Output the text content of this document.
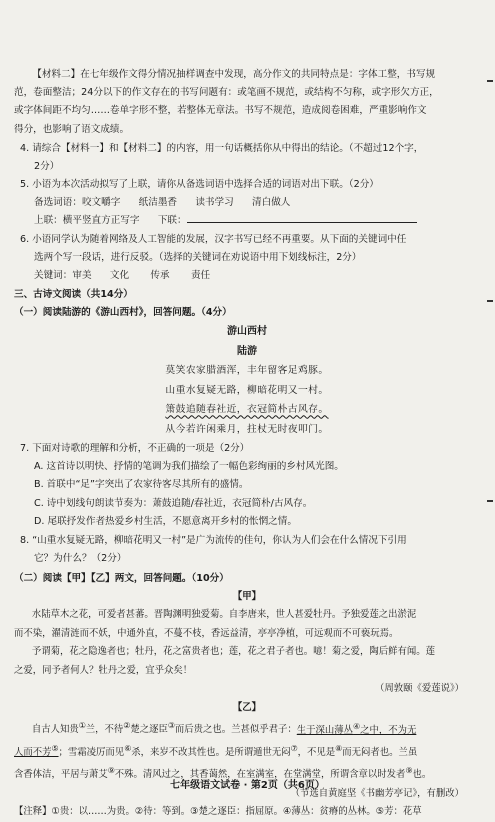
【材料二】在七年级作文得分情况抽样调查中发现，高分作文的共同特点是：字体工整，书写规

范，卷面整洁；24分以下的作文存在的书写问题有：或笔画不规范，或结构不匀称，或字形欠方正，

或字体间距不均匀……卷单字形不整，若整体无章法。书写不规范，造成阅卷困难，严重影响作文

得分，也影响了语文成绩。

4. 请综合【材料一】和【材料二】的内容，用一句话概括你从中得出的结论。（不超过12个字，

2分）

5. 小语为本次活动拟写了上联，请你从备选词语中选择合适的词语对出下联。（2分）

备选词语：咬文嚼字 纸洁墨香 读书学习 清白做人

上联：横平竖直方正写字 下联：

6. 小语同学认为随着网络及人工智能的发展，汉字书写已经不再重要。从下面的关键词中任

选两个写一段话，进行反驳。（选择的关键词在劝说语中用下划线标注，2分）

关键词：审美 文化 传承 责任

三、古诗文阅读（共14分）

（一）阅读陆游的《游山西村》，回答问题。（4分）

游山西村

陆游

莫笑农家腊酒浑，丰年留客足鸡豚。

山重水复疑无路，柳暗花明又一村。

箫鼓追随春社近，衣冠简朴古风存。

从今若许闲乘月，拄杖无时夜叩门。

7. 下面对诗歌的理解和分析，不正确的一项是（2分）

A. 这首诗以明快、抒情的笔调为我们描绘了一幅色彩绚丽的乡村风光图。

B. 首联中“足”字突出了农家待客尽其所有的盛情。

C. 诗中划线句朗读节奏为：萧鼓追随/春社近，衣冠简朴/古风存。

D. 尾联抒发作者热爱乡村生活，不愿意离开乡村的怅惘之情。

8. “山重水复疑无路，柳暗花明又一村”是广为流传的佳句，你认为人们会在什么情况下引用

它？为什么？（2分）

（二）阅读【甲】【乙】两文，回答问题。（10分）

【甲】

水陆草木之花，可爱者甚蕃。晋陶渊明独爱菊。自李唐来，世人甚爱牡丹。予独爱莲之出淤泥

而不染，濯清涟而不妖，中通外直，不蔓不枝，香远益清，亭亭净植，可远观而不可亵玩焉。

予谓菊，花之隐逸者也；牡丹，花之富贵者也；莲，花之君子者也。噫！菊之爱，陶后鲜有闻。莲

之爱，同予者何人？牡丹之爱，宜乎众矣！

（周敦颐《爱莲说》）

【乙】

自古人知贵①兰，不待②楚之逐臣③而后贵之也。兰甚似乎君子：生于深山薄丛④之中，不为无

人而不芳⑤；雪霜凌厉而见⑥杀，来岁不改其性也。是所谓遁世无闷⑦，不见是⑧而无闷者也。兰虽

含香体洁，平居与萧艾⑨不殊。清风过之，其香蔼然，在室满室，在堂满堂，所谓含章以时发者⑨也。

（节选自黄庭坚《书幽芳亭记》，有删改）

【注释】①贵：以……为贵。②待：等到。③楚之逐臣：指屈原。④薄丛：贫瘠的丛林。⑤芳：花草

七年级语文试卷 · 第2页（共6页）
